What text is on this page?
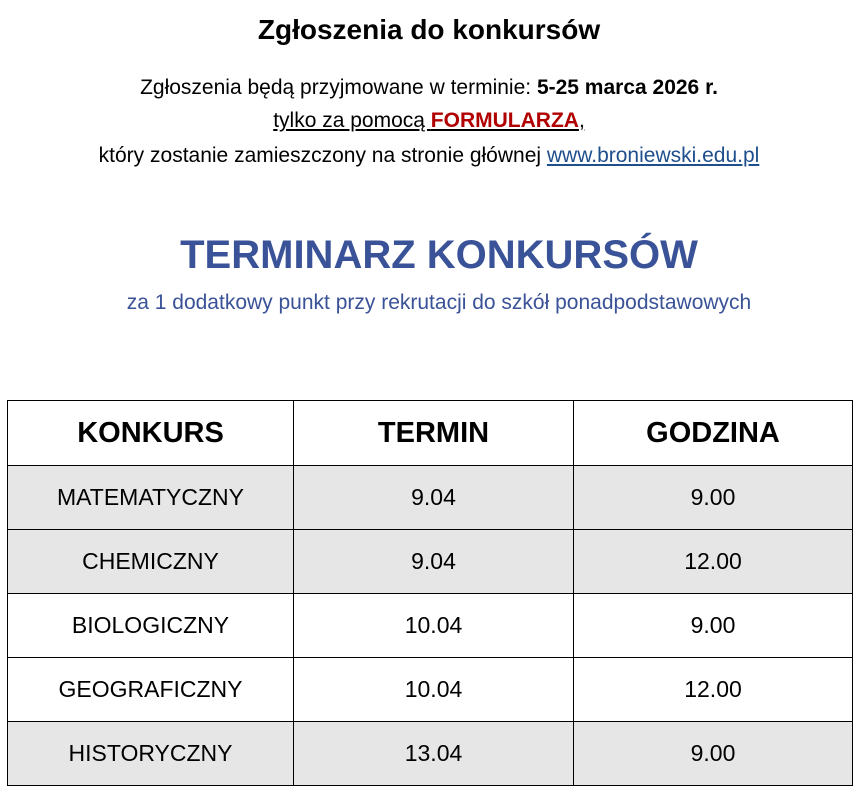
Zgłoszenia do konkursów
Zgłoszenia będą przyjmowane w terminie: 5-25 marca 2026 r.
tylko za pomocą FORMULARZA,
który zostanie zamieszczony na stronie głównej www.broniewski.edu.pl
TERMINARZ KONKURSÓW
za 1 dodatkowy punkt przy rekrutacji do szkół ponadpodstawowych
KONKURS	TERMIN	GODZINA
MATEMATYCZNY	9.04	9.00
CHEMICZNY	9.04	12.00
BIOLOGICZNY	10.04	9.00
GEOGRAFICZNY	10.04	12.00
HISTORYCZNY	13.04	9.00
